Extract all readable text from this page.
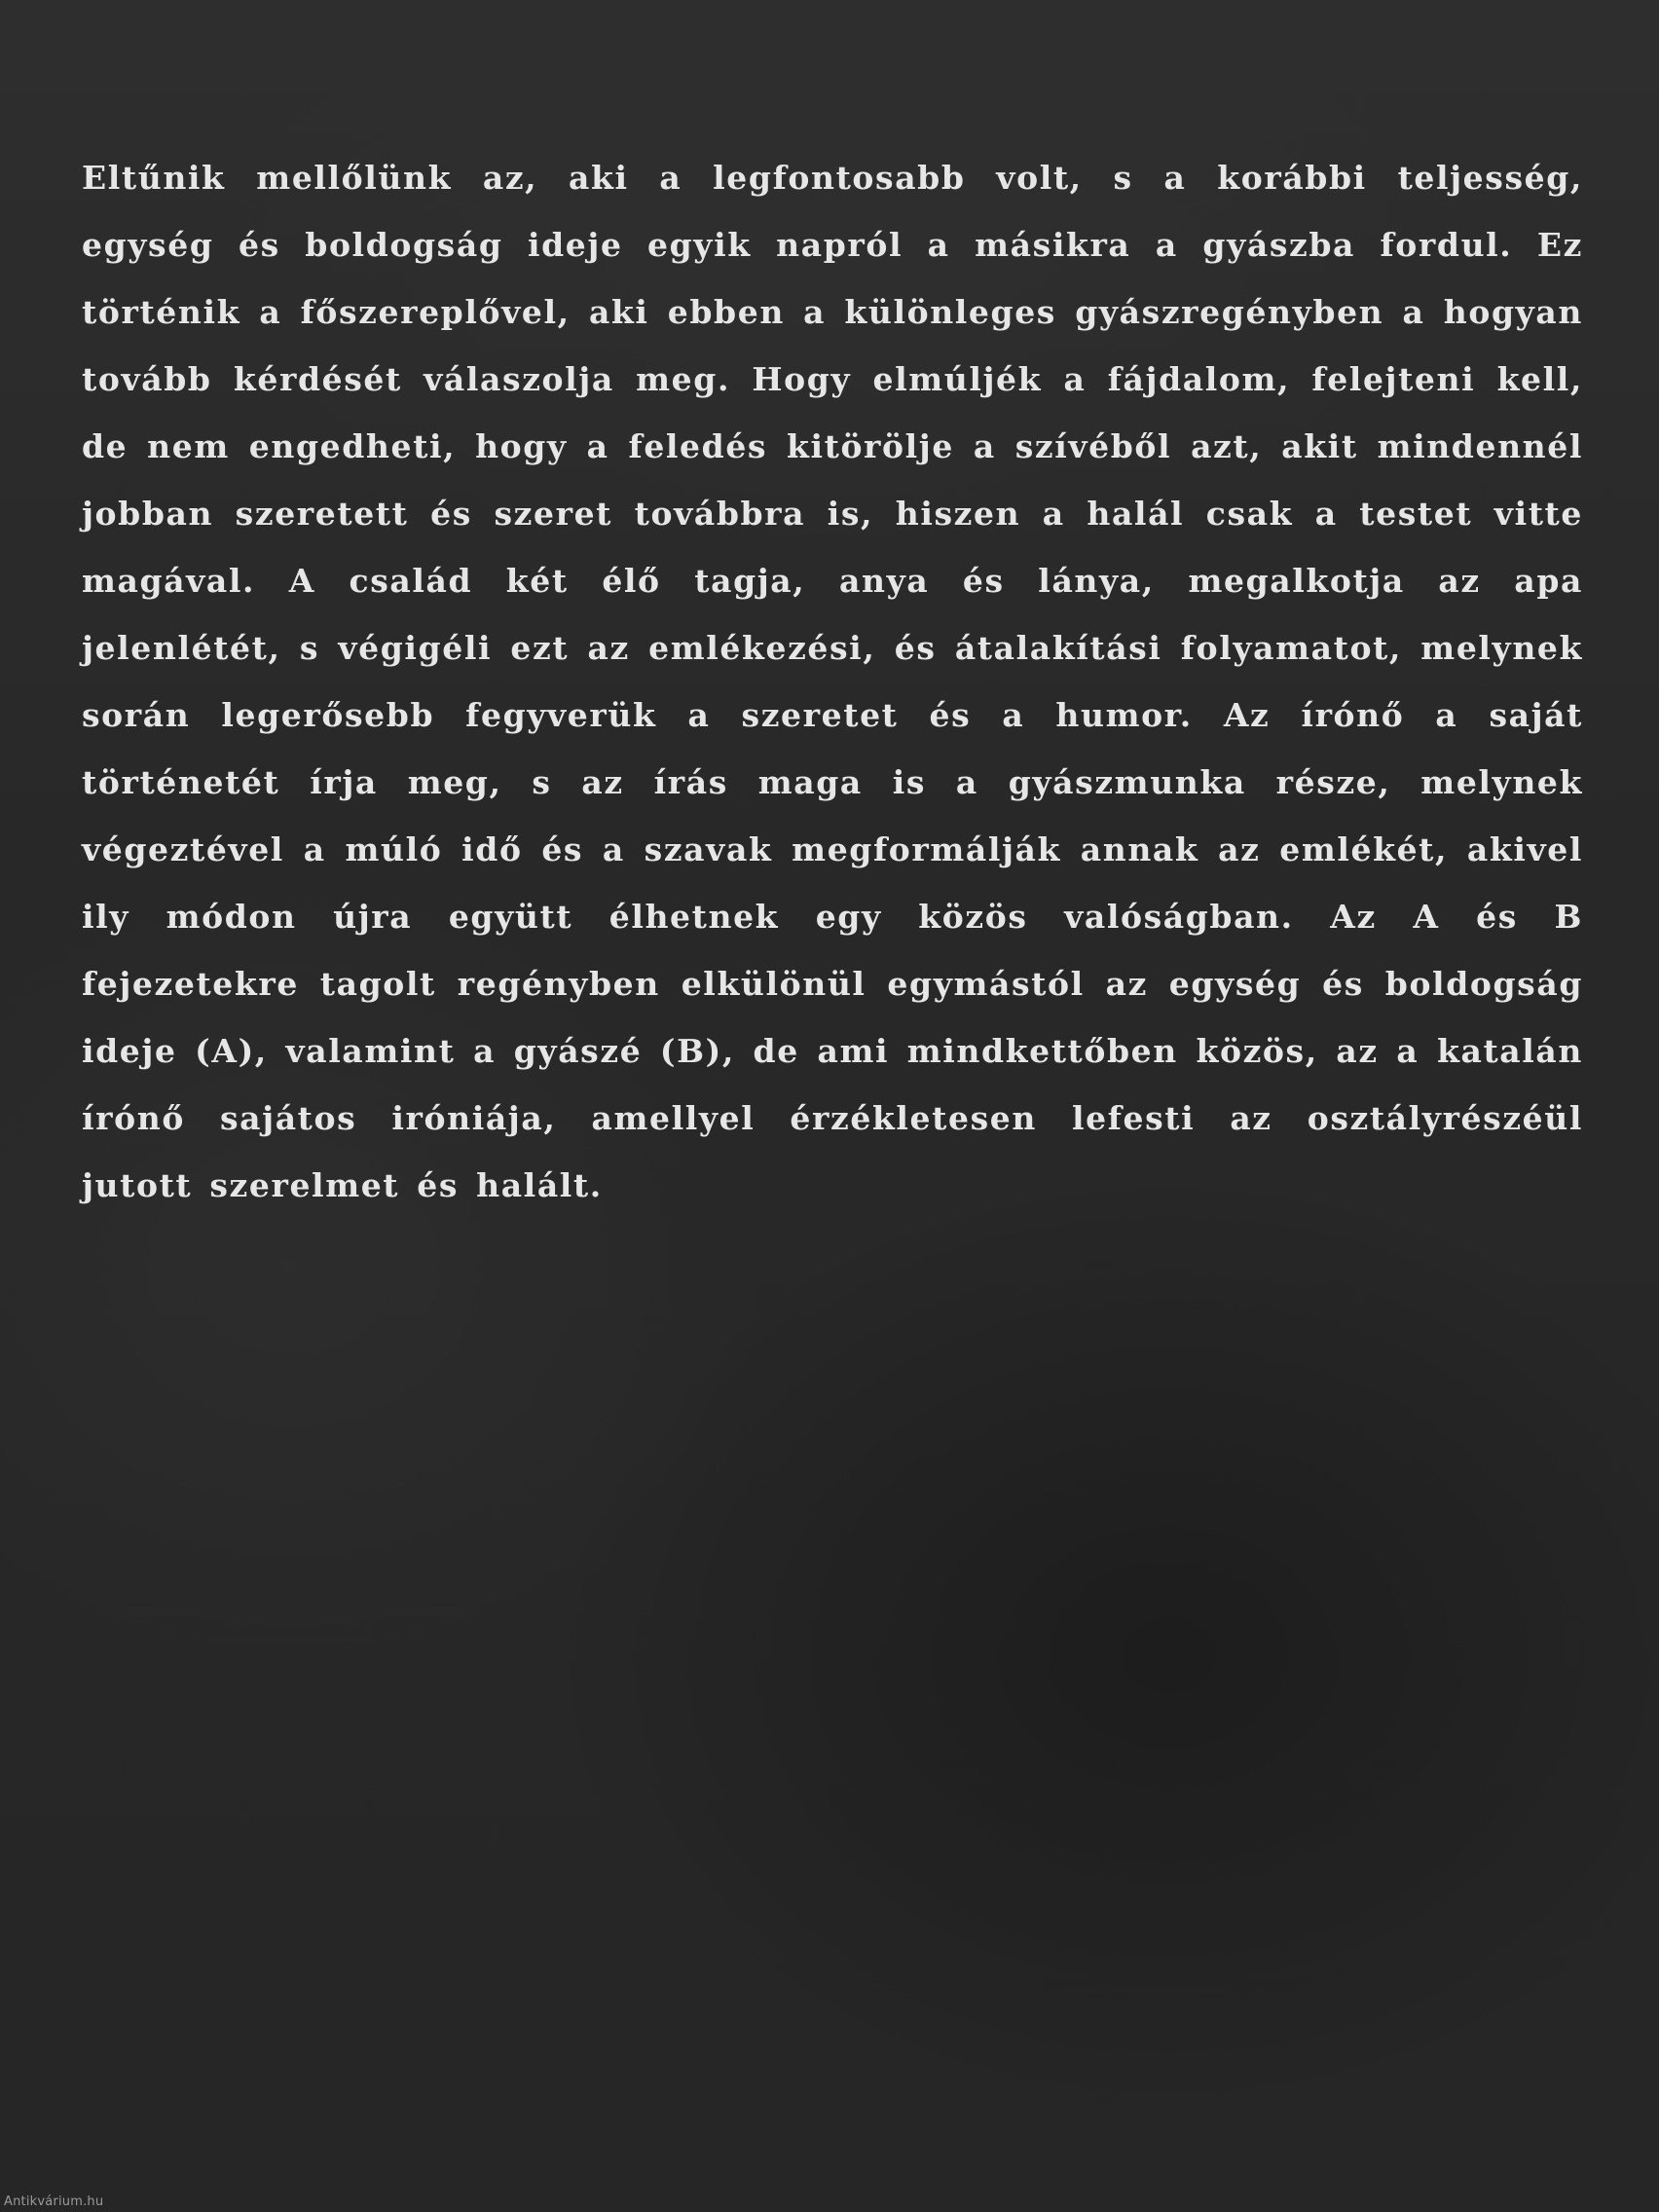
Eltűnik mellőlünk az, aki a legfontosabb volt, s a korábbi teljesség, egység és boldogság ideje egyik napról a másikra a gyászba fordul. Ez történik a főszereplővel, aki ebben a különleges gyászregényben a hogyan tovább kérdését válaszolja meg. Hogy elmúljék a fájdalom, felejteni kell, de nem engedheti, hogy a feledés kitörölje a szívéből azt, akit mindennél jobban szeretett és szeret továbbra is, hiszen a halál csak a testet vitte magával. A család két élő tagja, anya és lánya, megalkotja az apa jelenlétét, s végigéli ezt az emlékezési, és átalakítási folyamatot, melynek során legerősebb fegyverük a szeretet és a humor. Az írónő a saját történetét írja meg, s az írás maga is a gyászmunka része, melynek végeztével a múló idő és a szavak megformálják annak az emlékét, akivel ily módon újra együtt élhetnek egy közös valóságban. Az A és B fejezetekre tagolt regényben elkülönül egymástól az egység és boldogság ideje (A), valamint a gyászé (B), de ami mindkettőben közös, az a katalán írónő sajátos iróniája, amellyel érzékletesen lefesti az osztályrészéül jutott szerelmet és halált.

Antikvárium.hu
